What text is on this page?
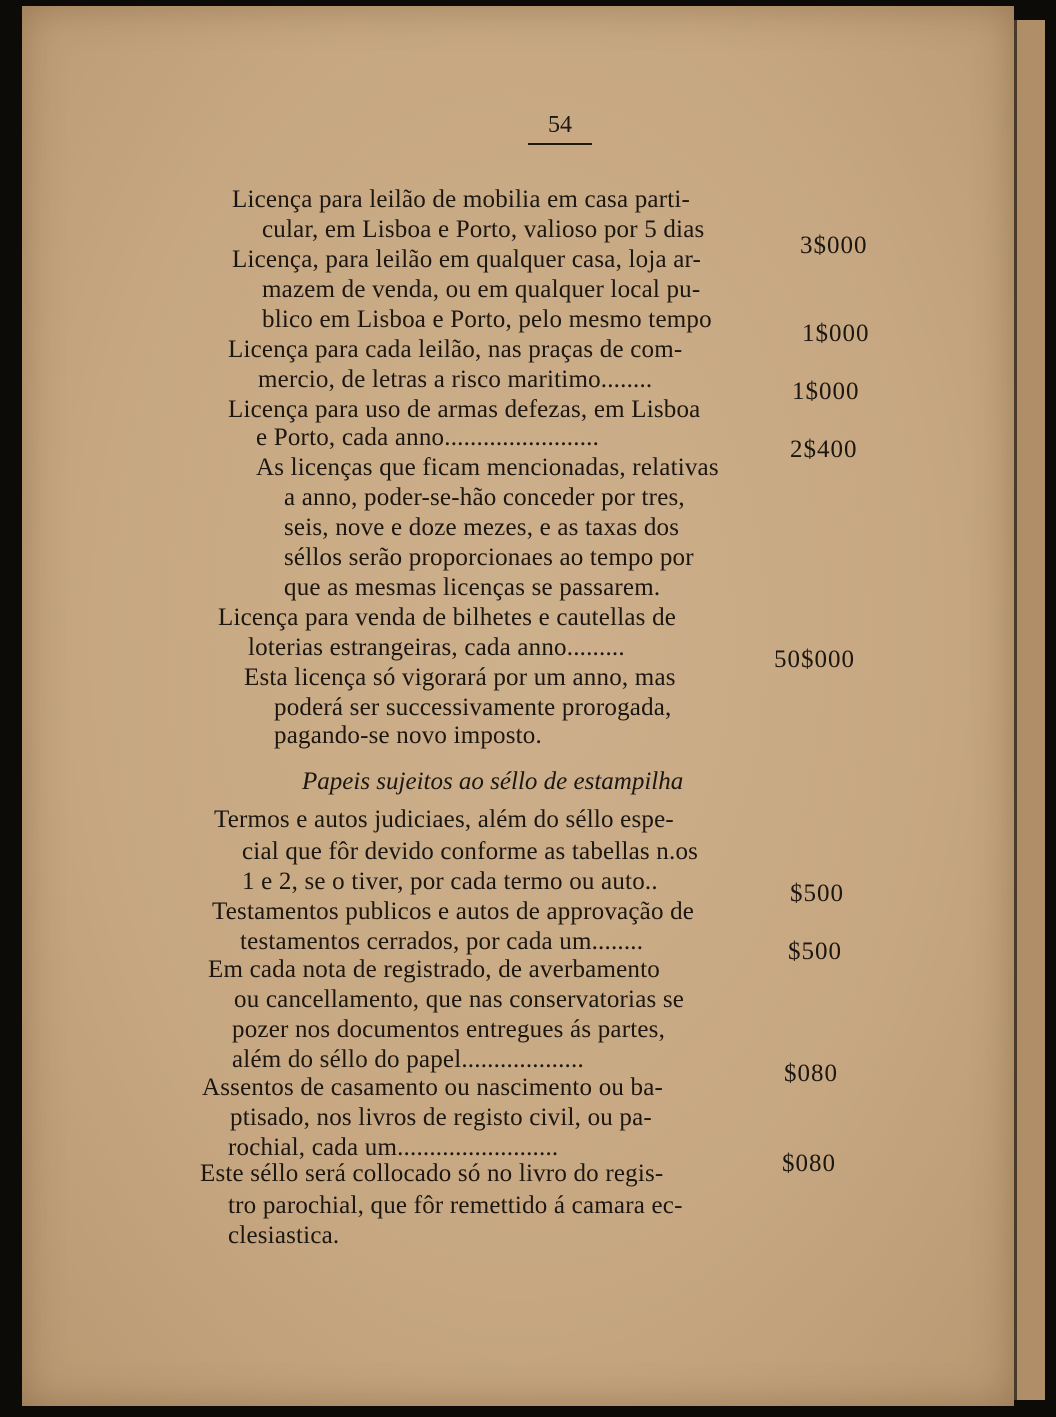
54
Licença para leilão de mobilia em casa parti-
cular, em Lisboa e Porto, valioso por 5 dias
3$000
Licença, para leilão em qualquer casa, loja ar-
mazem de venda, ou em qualquer local pu-
blico em Lisboa e Porto, pelo mesmo tempo
1$000
Licença para cada leilão, nas praças de com-
mercio, de letras a risco maritimo........	1$000
Licença para uso de armas defezas, em Lisboa
e Porto, cada anno........................	2$400
As licenças que ficam mencionadas, relativas
a anno, poder-se-hão conceder por tres,
seis, nove e doze mezes, e as taxas dos
séllos serão proporcionaes ao tempo por
que as mesmas licenças se passarem.
Licença para venda de bilhetes e cautellas de
loterias estrangeiras, cada anno.........	50$000
Esta licença só vigorará por um anno, mas
poderá ser successivamente prorogada,
pagando-se novo imposto.
Papeis sujeitos ao séllo de estampilha
Termos e autos judiciaes, além do séllo espe-
cial que fôr devido conforme as tabellas n.os
1 e 2, se o tiver, por cada termo ou auto..	$500
Testamentos publicos e autos de approvação de
testamentos cerrados, por cada um........	$500
Em cada nota de registrado, de averbamento
ou cancellamento, que nas conservatorias se
pozer nos documentos entregues ás partes,
além do séllo do papel...................
$080
Assentos de casamento ou nascimento ou ba-
ptisado, nos livros de registo civil, ou pa-
rochial, cada um.........................
$080
Este séllo será collocado só no livro do regis-
tro parochial, que fôr remettido á camara ec-
clesiastica.
